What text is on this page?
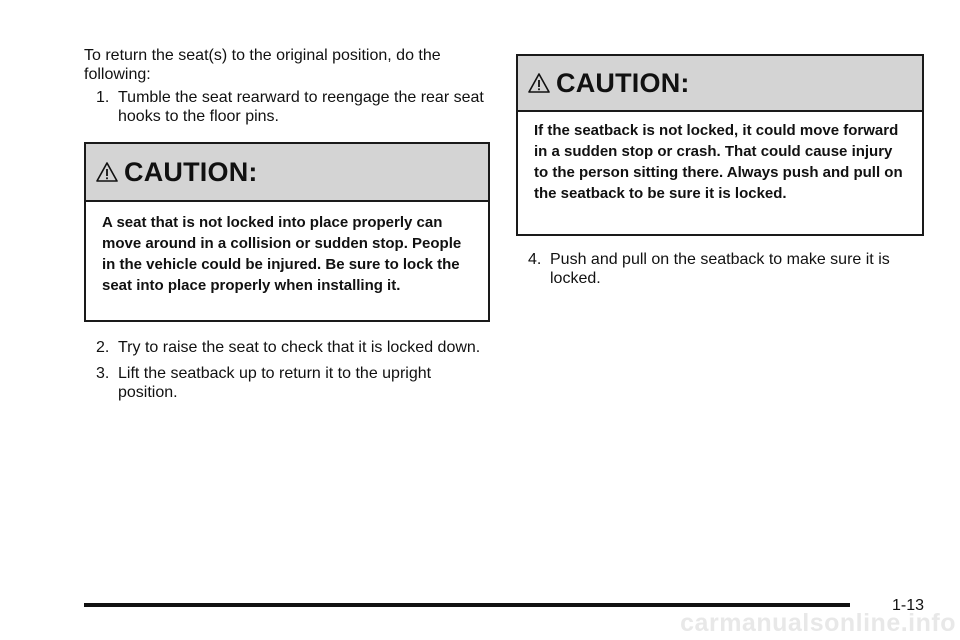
To return the seat(s) to the original position, do the following:

1. Tumble the seat rearward to reengage the rear seat hooks to the floor pins.

CAUTION:
A seat that is not locked into place properly can move around in a collision or sudden stop. People in the vehicle could be injured. Be sure to lock the seat into place properly when installing it.

2. Try to raise the seat to check that it is locked down.

3. Lift the seatback up to return it to the upright position.

CAUTION:
If the seatback is not locked, it could move forward in a sudden stop or crash. That could cause injury to the person sitting there. Always push and pull on the seatback to be sure it is locked.

4. Push and pull on the seatback to make sure it is locked.

1-13
carmanualsonline.info
